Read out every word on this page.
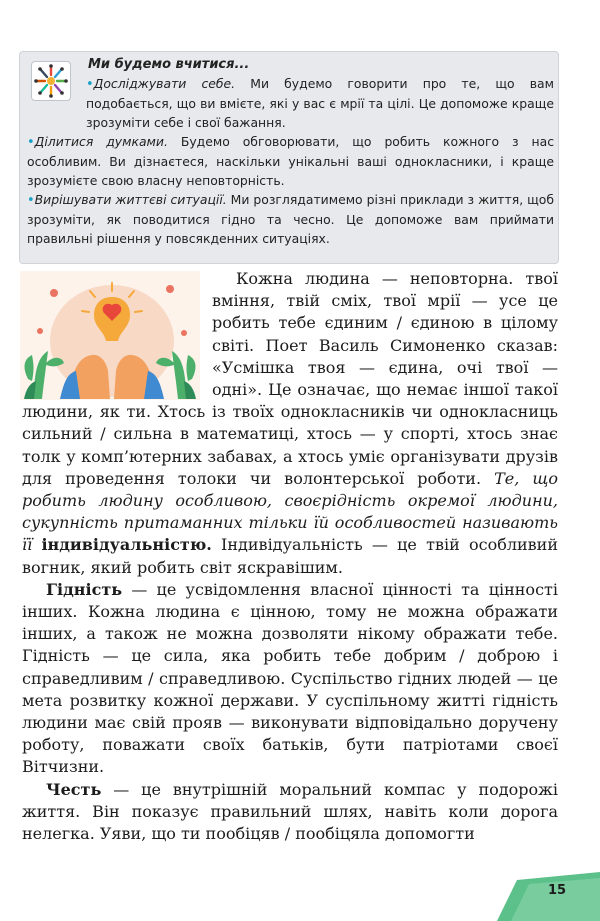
Ми будемо вчитися...

•Досліджувати себе. Ми будемо говорити про те, що вам подобається, що ви вмієте, які у вас є мрії та цілі. Це допоможе краще зрозуміти себе і свої бажання.

•Ділитися думками. Будемо обговорювати, що робить кожного з нас особливим. Ви дізнаєтеся, наскільки унікальні ваші однокласники, і краще зрозумієте свою власну неповторність.

•Вирішувати життєві ситуації. Ми розглядатимемо різні приклади з життя, щоб зрозуміти, як поводитися гідно та чесно. Це допоможе вам приймати правильні рішення у повсякденних ситуаціях.

Кожна людина — неповторна. твої вміння, твій сміх, твої мрії — усе це робить тебе єдиним / єдиною в цілому світі. Поет Василь Симоненко сказав: «Усмішка твоя — єдина, очі твої — одні». Це означає, що немає іншої такої людини, як ти. Хтось із твоїх однокласників чи однокласниць сильний / сильна в математиці, хтось — у спорті, хтось знає толк у комп’ютерних забавах, а хтось уміє організувати друзів для проведення толоки чи волонтерської роботи. Те, що робить людину особливою, своєрідність окремої людини, сукупність притаманних тільки їй особливостей називають її індивідуальністю. Індивідуальність — це твій особливий вогник, який робить світ яскравішим.

Гідність — це усвідомлення власної цінності та цінності інших. Кожна людина є цінною, тому не можна ображати інших, а також не можна дозволяти нікому ображати тебе. Гідність — це сила, яка робить тебе добрим / доброю і справедливим / справедливою. Суспільство гідних людей — це мета розвитку кожної держави. У суспільному житті гідність людини має свій прояв — виконувати відповідально доручену роботу, поважати своїх батьків, бути патріотами своєї Вітчизни.

Честь — це внутрішній моральний компас у подорожі життя. Він показує правильний шлях, навіть коли дорога нелегка. Уяви, що ти пообіцяв / пообіцяла допомогти

15
